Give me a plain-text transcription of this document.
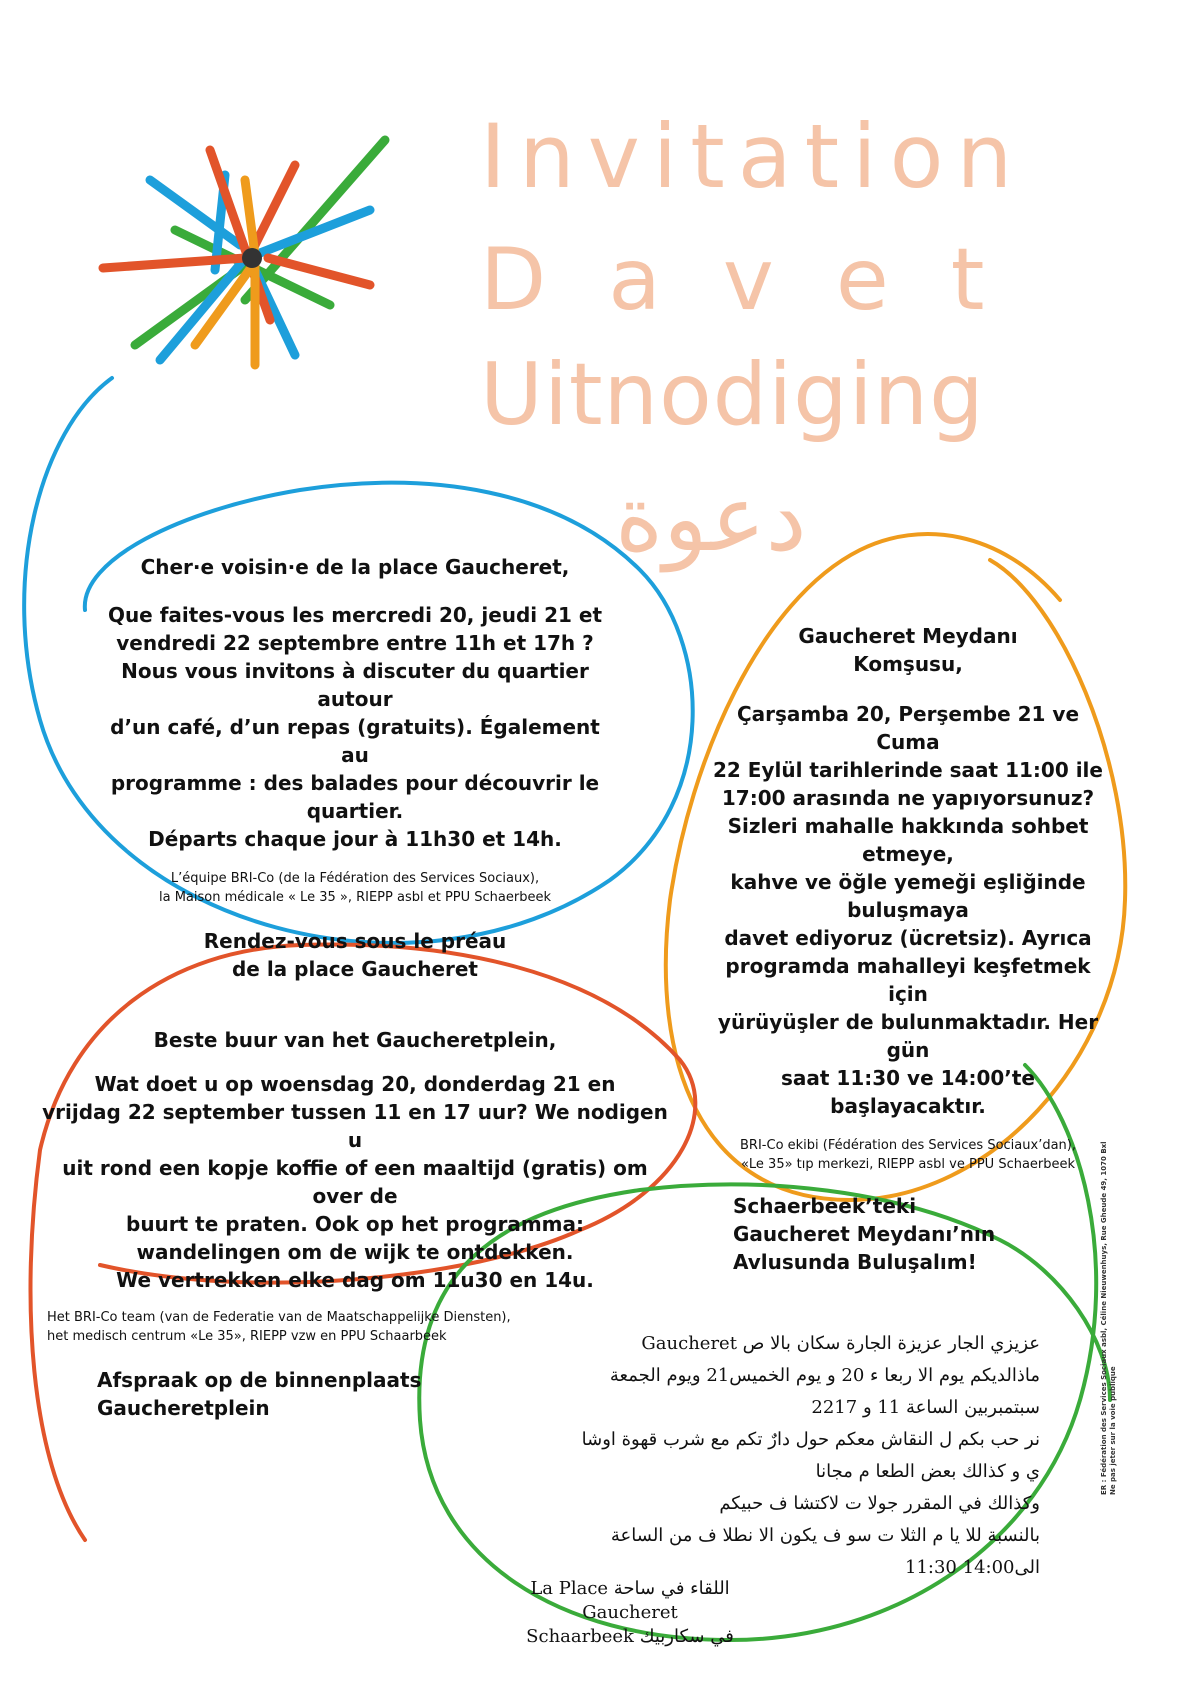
Invitation

Davet

Uitnodiging

دعوة

Cher·e voisin·e de la place Gaucheret,

Que faites-vous les mercredi 20, jeudi 21 et

vendredi 22 septembre entre 11h et 17h ?

Nous vous invitons à discuter du quartier autour

d’un café, d’un repas (gratuits). Également au

programme : des balades pour découvrir le quartier.

Départs chaque jour à 11h30 et 14h.

L’équipe BRI-Co (de la Fédération des Services Sociaux),

la Maison médicale « Le 35 », RIEPP asbl et PPU Schaerbeek

Rendez-vous sous le préau

de la place Gaucheret

Gaucheret Meydanı

Komşusu,

Çarşamba 20, Perşembe 21 ve Cuma

22 Eylül tarihlerinde saat 11:00 ile

17:00 arasında ne yapıyorsunuz?

Sizleri mahalle hakkında sohbet etmeye,

kahve ve öğle yemeği eşliğinde buluşmaya

davet ediyoruz (ücretsiz). Ayrıca

programda mahalleyi keşfetmek için

yürüyüşler de bulunmaktadır. Her gün

saat 11:30 ve 14:00’te başlayacaktır.

BRI-Co ekibi (Fédération des Services Sociaux’dan),

«Le 35» tıp merkezi, RIEPP asbl ve PPU Schaerbeek

Schaerbeek’teki

Gaucheret Meydanı’nın

Avlusunda Buluşalım!

Beste buur van het Gaucheretplein,

Wat doet u op woensdag 20, donderdag 21 en

vrijdag 22 september tussen 11 en 17 uur? We nodigen u

uit rond een kopje koffie of een maaltijd (gratis) om over de

buurt te praten. Ook op het programma:

wandelingen om de wijk te ontdekken.

We vertrekken elke dag om 11u30 en 14u.

Het BRI-Co team (van de Federatie van de Maatschappelijke Diensten),

het medisch centrum «Le 35», RIEPP vzw en PPU Schaarbeek

Afspraak op de binnenplaats

Gaucheretplein

عزيزي الجار عزيزة الجارة سكان بالا ص Gaucheret

ماذالديكم يوم الا ربعا ء 20 و يوم الخميس21 ويوم الجمعة

سبتمبربين الساعة 11 و 2217

نر حب بكم ل النقاش معكم حول دارٌ تكم مع شرب قهوة اوشا

ي و كذالك بعض الطعا م مجانا

وكذالك في المقرر جولا ت لاكتشا ف حبيكم

بالنسبة للا يا م الثلا ت سو ف يكون الا نطلا ف من الساعة

الى14:00 11:30

اللقاء في ساحة La Place Gaucheret

في سكاربيك Schaarbeek

ER : Fédération des Services Sociaux asbl, Céline Nieuwenhuys, Rue Gheude 49, 1070 Bxl Ne pas jeter sur la voie publique
